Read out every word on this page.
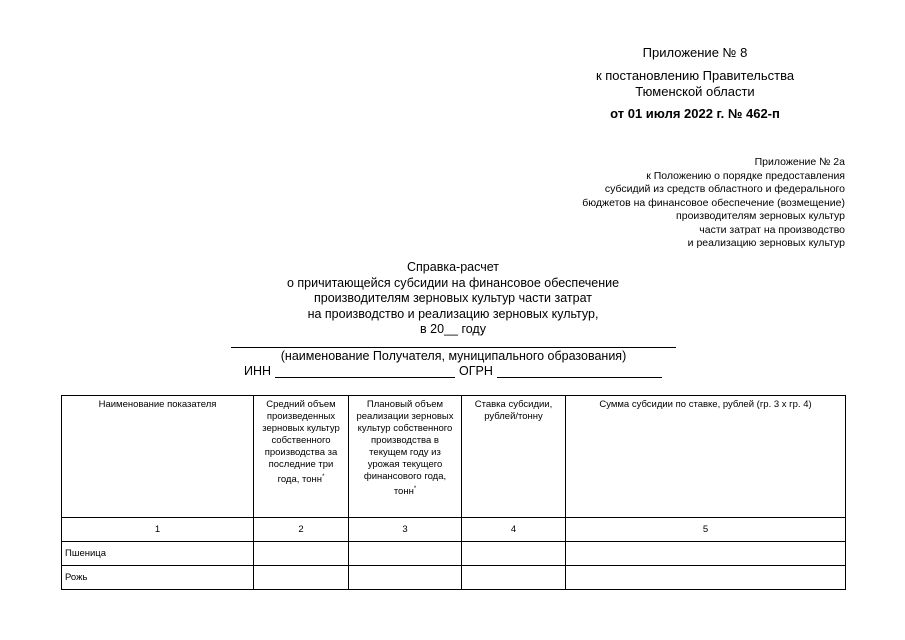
Приложение № 8
к постановлению Правительства
Тюменской области
от 01 июля 2022 г. № 462-п
Приложение № 2а
к Положению о порядке предоставления
субсидий из средств областного и федерального
бюджетов на финансовое обеспечение (возмещение)
производителям зерновых культур
части затрат на производство
и реализацию зерновых культур
Справка-расчет
о причитающейся субсидии на финансовое обеспечение
производителям зерновых культур части затрат
на производство и реализацию зерновых культур,
в 20__ году
(наименование Получателя, муниципального образования)
ИНН	ОГРН
Наименование показателя	Средний объем произведенных зерновых культур собственного производства за последние три года, тонн*	Плановый объем реализации зерновых культур собственного производства в текущем году из урожая текущего финансового года, тонн*	Ставка субсидии, рублей/тонну	Сумма субсидии по ставке, рублей (гр. 3 x гр. 4)
1	2	3	4	5
Пшеница				
Рожь				
